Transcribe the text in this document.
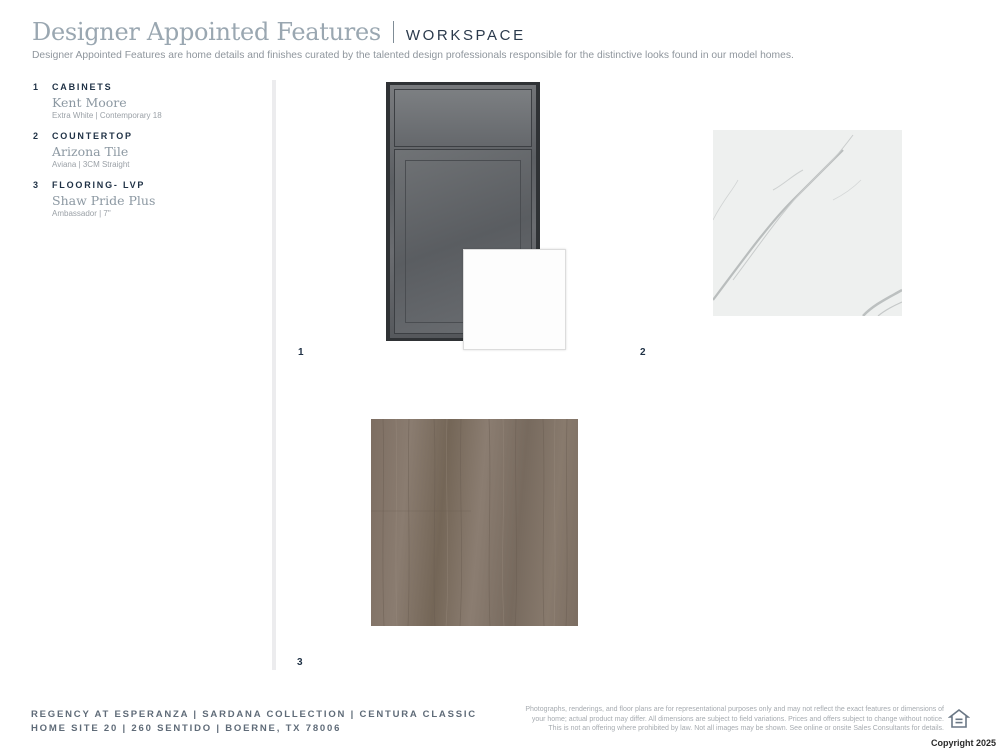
Designer Appointed Features WORKSPACE
Designer Appointed Features are home details and finishes curated by the talented design professionals responsible for the distinctive looks found in our model homes.
1	CABINETS
Kent Moore
Extra White | Contemporary 18
2	COUNTERTOP
Arizona Tile
Aviana | 3CM Straight
3	FLOORING- LVP
Shaw Pride Plus
Ambassador | 7"
1	2
3
REGENCY AT ESPERANZA | SARDANA COLLECTION | CENTURA CLASSIC
HOME SITE 20 | 260 SENTIDO | BOERNE, TX 78006
Photographs, renderings, and floor plans are for representational purposes only and may not reflect the exact features or dimensions of
your home; actual product may differ. All dimensions are subject to field variations. Prices and offers subject to change without notice.
This is not an offering where prohibited by law. Not all images may be shown. See online or onsite Sales Consultants for details.
Copyright 2025
